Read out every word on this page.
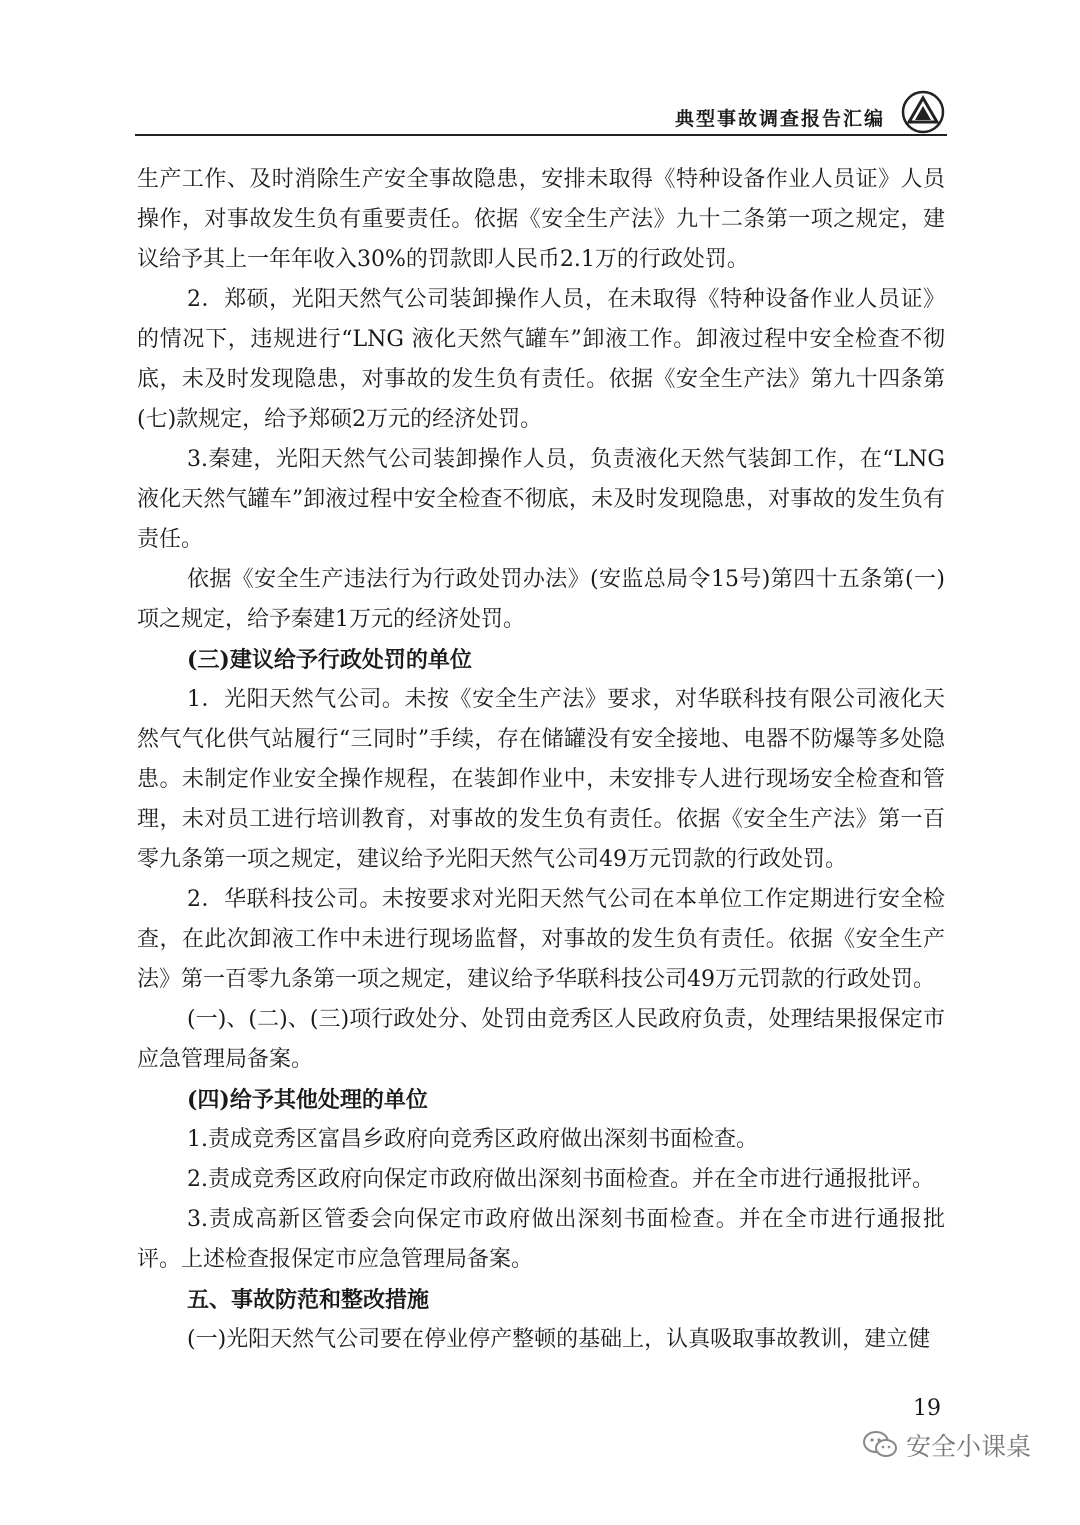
典型事故调查报告汇编

生产工作、及时消除生产安全事故隐患，安排未取得《特种设备作业人员证》人员操作，对事故发生负有重要责任。依据《安全生产法》九十二条第一项之规定，建议给予其上一年年收入30%的罚款即人民币2.1万的行政处罚。

2．郑硕，光阳天然气公司装卸操作人员，在未取得《特种设备作业人员证》的情况下，违规进行“LNG 液化天然气罐车”卸液工作。卸液过程中安全检查不彻底，未及时发现隐患，对事故的发生负有责任。依据《安全生产法》第九十四条第(七)款规定，给予郑硕2万元的经济处罚。

3.秦建，光阳天然气公司装卸操作人员，负责液化天然气装卸工作，在“LNG液化天然气罐车”卸液过程中安全检查不彻底，未及时发现隐患，对事故的发生负有责任。

依据《安全生产违法行为行政处罚办法》(安监总局令15号)第四十五条第(一)项之规定，给予秦建1万元的经济处罚。

(三)建议给予行政处罚的单位

1．光阳天然气公司。未按《安全生产法》要求，对华联科技有限公司液化天然气气化供气站履行“三同时”手续，存在储罐没有安全接地、电器不防爆等多处隐患。未制定作业安全操作规程，在装卸作业中，未安排专人进行现场安全检查和管理，未对员工进行培训教育，对事故的发生负有责任。依据《安全生产法》第一百零九条第一项之规定，建议给予光阳天然气公司49万元罚款的行政处罚。

2．华联科技公司。未按要求对光阳天然气公司在本单位工作定期进行安全检查，在此次卸液工作中未进行现场监督，对事故的发生负有责任。依据《安全生产法》第一百零九条第一项之规定，建议给予华联科技公司49万元罚款的行政处罚。

(一)、(二)、(三)项行政处分、处罚由竞秀区人民政府负责，处理结果报保定市应急管理局备案。

(四)给予其他处理的单位

1.责成竞秀区富昌乡政府向竞秀区政府做出深刻书面检查。

2.责成竞秀区政府向保定市政府做出深刻书面检查。并在全市进行通报批评。

3.责成高新区管委会向保定市政府做出深刻书面检查。并在全市进行通报批评。上述检查报保定市应急管理局备案。

五、事故防范和整改措施

(一)光阳天然气公司要在停业停产整顿的基础上，认真吸取事故教训，建立健

19
安全小课桌
